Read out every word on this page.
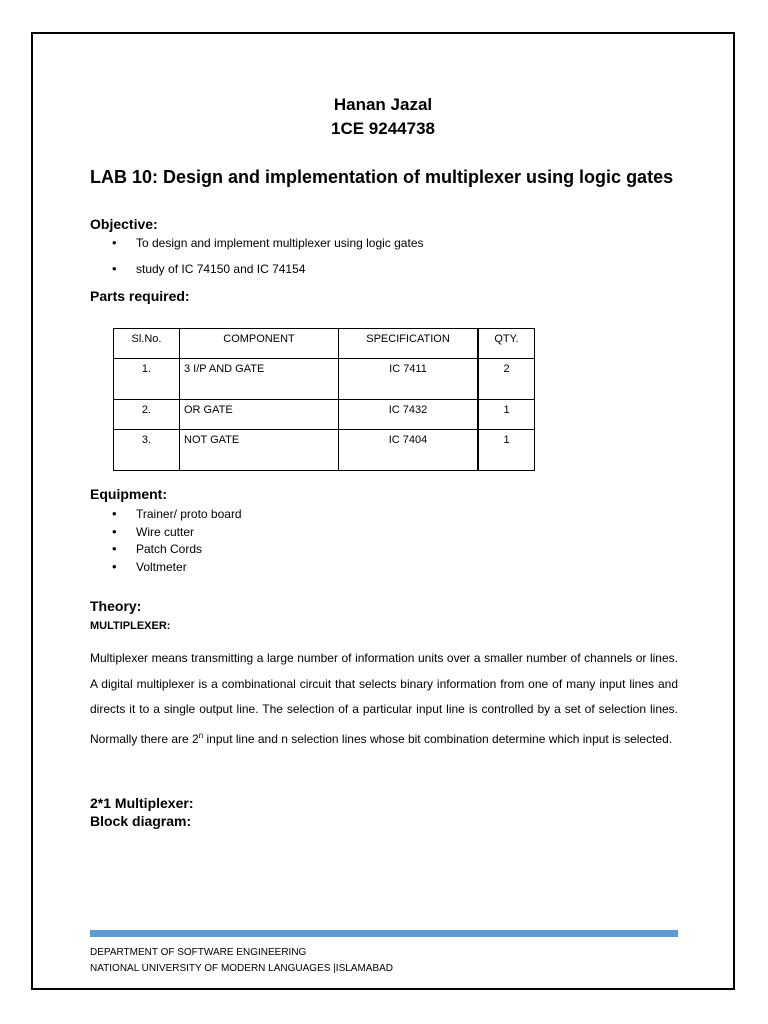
Hanan Jazal
1CE 9244738
LAB 10: Design and implementation of multiplexer using logic gates
Objective:
• To design and implement multiplexer using logic gates
• study of IC 74150 and IC 74154
Parts required:
Sl.No.	COMPONENT	SPECIFICATION	QTY.
1.	3 I/P AND GATE	IC 7411	2
2.	OR GATE	IC 7432	1
3.	NOT GATE	IC 7404	1
Equipment:
• Trainer/ proto board
• Wire cutter
• Patch Cords
• Voltmeter
Theory:
MULTIPLEXER:
Multiplexer means transmitting a large number of information units over a smaller number of channels or lines. A digital multiplexer is a combinational circuit that selects binary information from one of many input lines and directs it to a single output line. The selection of a particular input line is controlled by a set of selection lines. Normally there are 2$^n$ input line and n selection lines whose bit combination determine which input is selected.
2*1 Multiplexer:
Block diagram:
DEPARTMENT OF SOFTWARE ENGINEERING
NATIONAL UNIVERSITY OF MODERN LANGUAGES |ISLAMABAD
